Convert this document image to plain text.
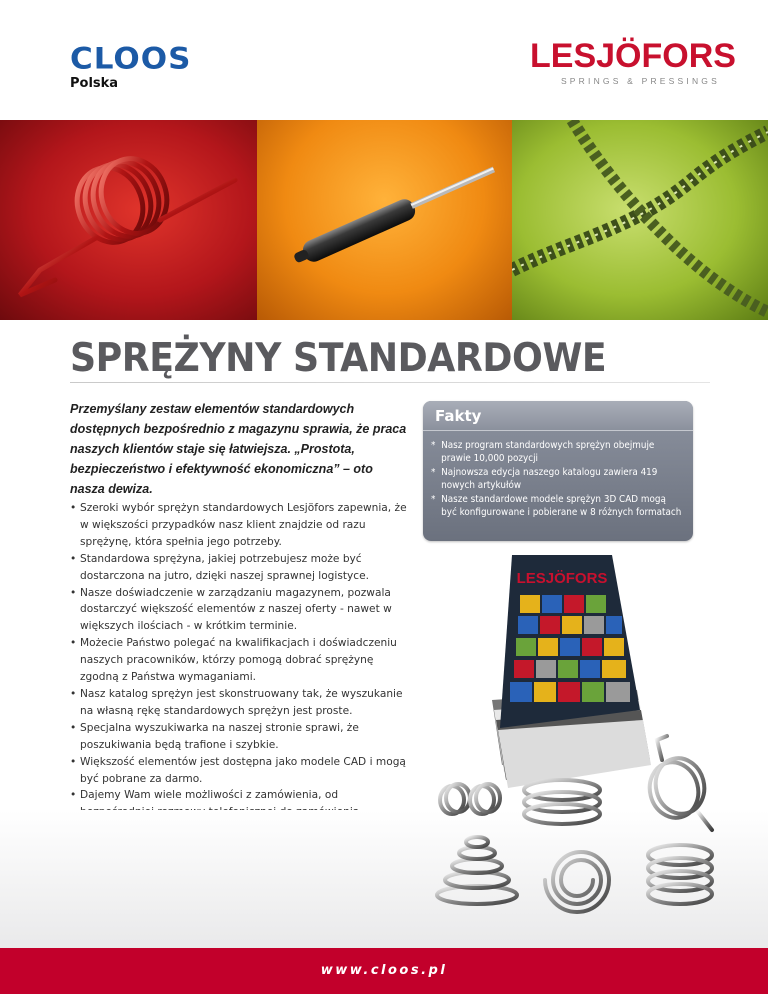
CLOOS
Polska
LESJÖFORS
SPRINGS & PRESSINGS
SPRĘŻYNY STANDARDOWE

Przemyślany zestaw elementów standardowych dostępnych bezpośrednio z magazynu sprawia, że praca naszych klientów staje się łatwiejsza. „Prostota, bezpieczeństwo i efektywność ekonomiczna” – oto nasza dewiza.

• Szeroki wybór sprężyn standardowych Lesjöfors zapewnia, że w większości przypadków nasz klient znajdzie od razu sprężynę, która spełnia jego potrzeby.
• Standardowa sprężyna, jakiej potrzebujesz może być dostarczona na jutro, dzięki naszej sprawnej logistyce.
• Nasze doświadczenie w zarządzaniu magazynem, pozwala dostarczyć większość elementów z naszej oferty - nawet w większych ilościach - w krótkim terminie.
• Możecie Państwo polegać na kwalifikacjach i doświadczeniu naszych pracowników, którzy pomogą dobrać sprężynę zgodną z Państwa wymaganiami.
• Nasz katalog sprężyn jest skonstruowany tak, że wyszukanie na własną rękę standardowych sprężyn jest proste.
• Specjalna wyszukiwarka na naszej stronie sprawi, że poszukiwania będą trafione i szybkie.
• Większość elementów jest dostępna jako modele CAD i mogą być pobrane za darmo.
• Dajemy Wam wiele możliwości z zamówienia, od
•
Fakty
* Nasz program standardowych sprężyn obejmuje prawie 10,000 pozycji
* Najnowsza edycja naszego katalogu zawiera 419 nowych artykułów
* Nasze standardowe modele sprężyn 3D CAD mogą być konfigurowane i pobierane w 8 różnych formatach
LESJÖFORS
www.cloos.pl
